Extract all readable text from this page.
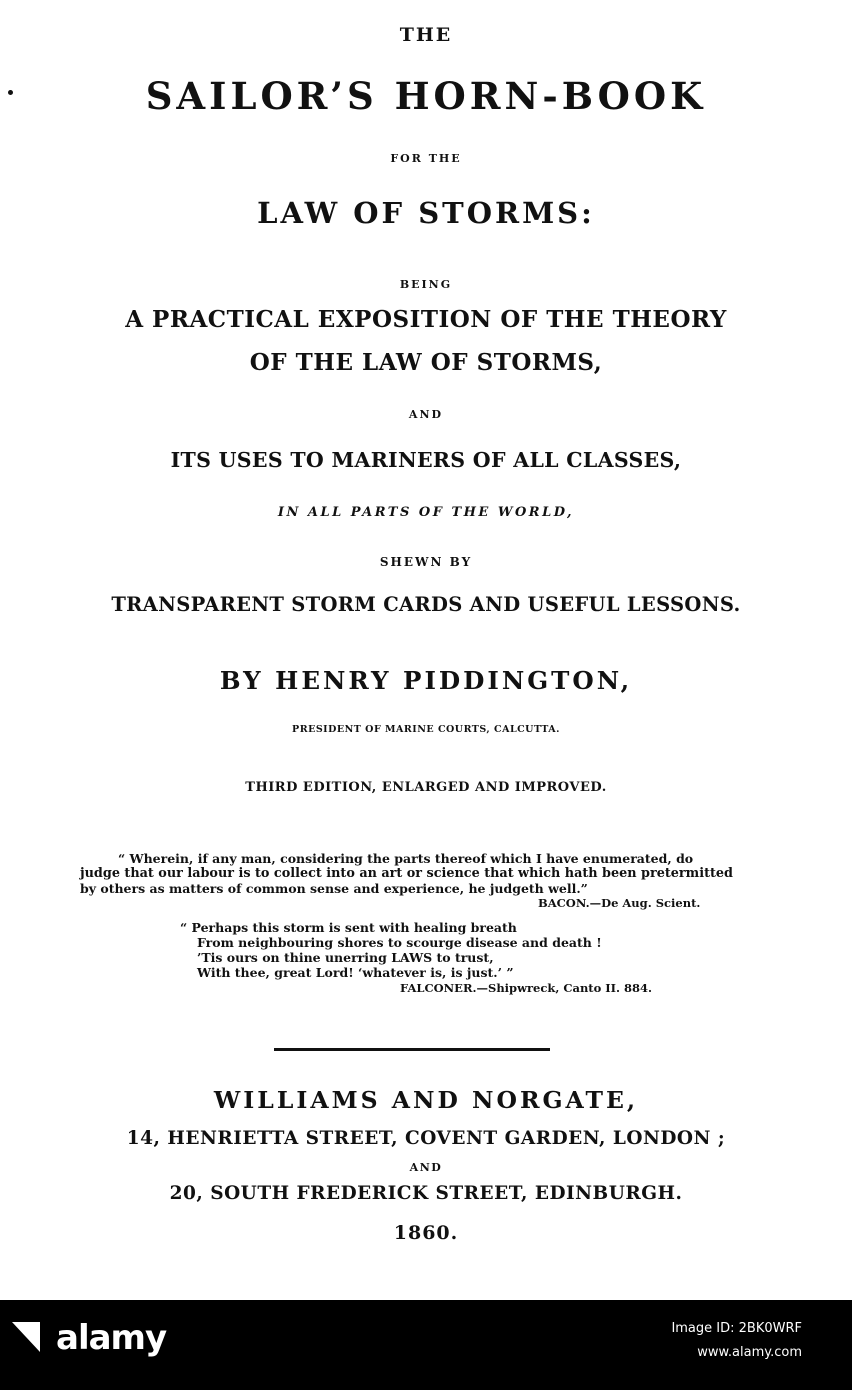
THE
SAILOR’S HORN-BOOK
FOR THE
LAW OF STORMS:
BEING
A PRACTICAL EXPOSITION OF THE THEORY
OF THE LAW OF STORMS,
AND
ITS USES TO MARINERS OF ALL CLASSES,
IN ALL PARTS OF THE WORLD,
SHEWN BY
TRANSPARENT STORM CARDS AND USEFUL LESSONS.
BY HENRY PIDDINGTON,
PRESIDENT OF MARINE COURTS, CALCUTTA.
THIRD EDITION, ENLARGED AND IMPROVED.
“ Wherein, if any man, considering the parts thereof which I have enumerated, do
judge that our labour is to collect into an art or science that which hath been pretermitted
by others as matters of common sense and experience, he judgeth well.”
BACON.—De Aug. Scient.
“ Perhaps this storm is sent with healing breath
From neighbouring shores to scourge disease and death !
’Tis ours on thine unerring LAWS to trust,
With thee, great Lord! ‘whatever is, is just.’ ”
FALCONER.—Shipwreck, Canto II. 884.
WILLIAMS AND NORGATE,
14, HENRIETTA STREET, COVENT GARDEN, LONDON ;
AND
20, SOUTH FREDERICK STREET, EDINBURGH.
1860.
alamy	Image ID: 2BK0WRF
www.alamy.com
